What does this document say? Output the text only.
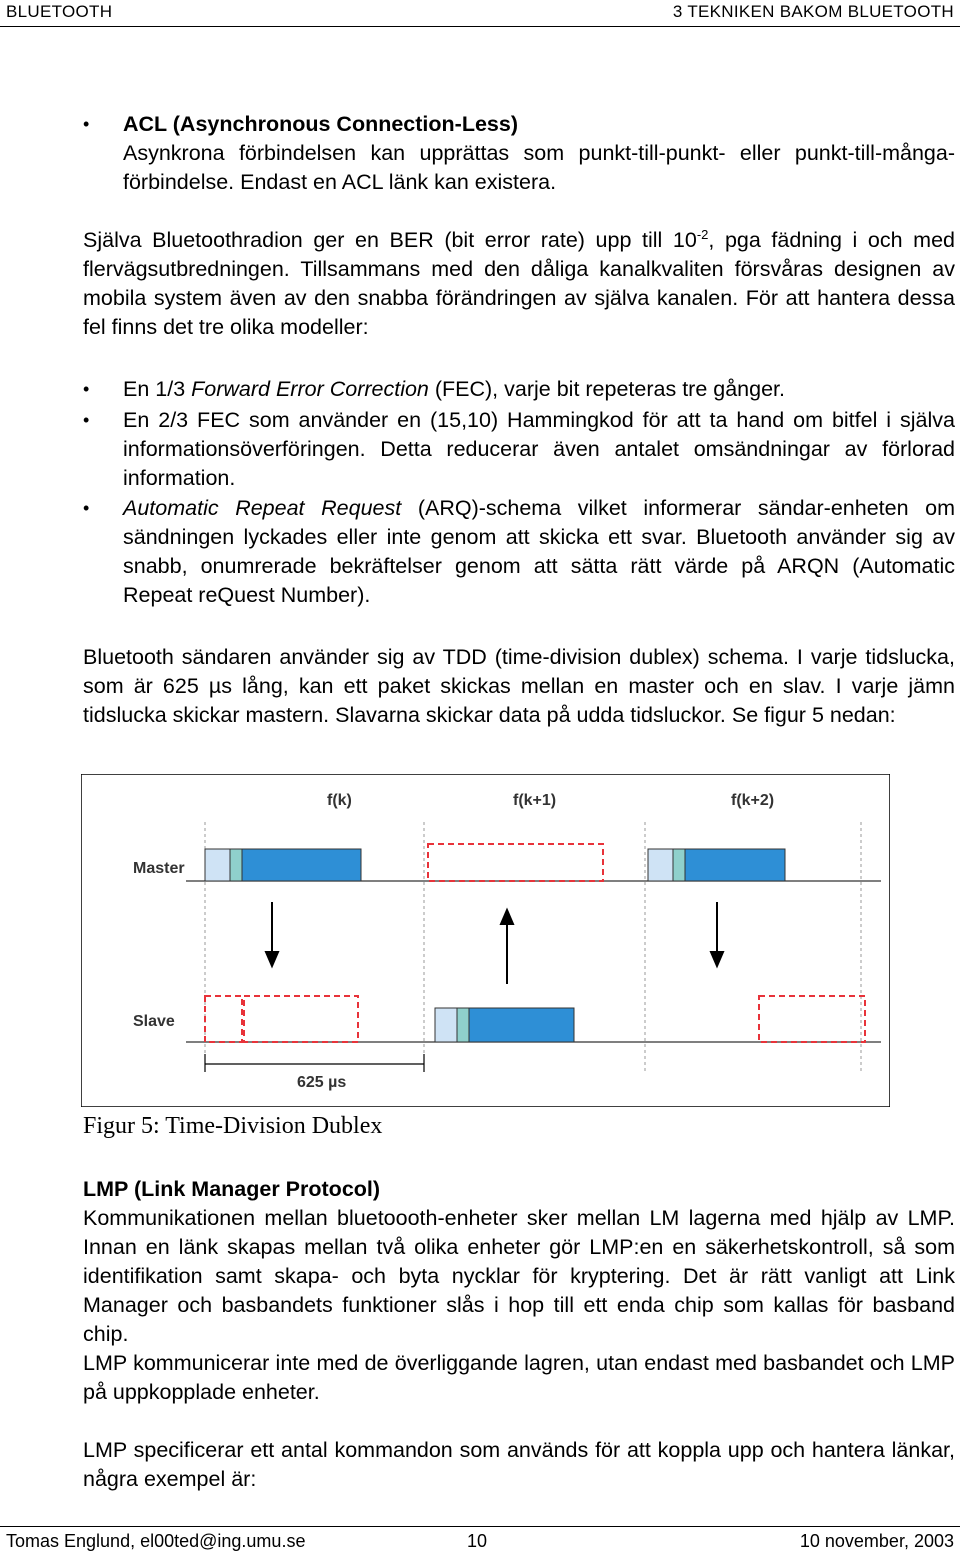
BLUETOOTH	3 TEKNIKEN BAKOM BLUETOOTH
• ACL (Asynchronous Connection-Less)
Asynkrona förbindelsen kan upprättas som punkt-till-punkt- eller punkt-till-många-förbindelse. Endast en ACL länk kan existera.
Själva Bluetoothradion ger en BER (bit error rate) upp till $10^{-2}$, pga fädning i och med flervägsutbredningen. Tillsammans med den dåliga kanalkvaliten försvåras designen av mobila system även av den snabba förändringen av själva kanalen. För att hantera dessa fel finns det tre olika modeller:
• En 1/3 Forward Error Correction (FEC), varje bit repeteras tre gånger.
• En 2/3 FEC som använder en (15,10) Hammingkod för att ta hand om bitfel i själva informationsöverföringen. Detta reducerar även antalet omsändningar av förlorad information.
• Automatic Repeat Request (ARQ)-schema vilket informerar sändar-enheten om sändningen lyckades eller inte genom att skicka ett svar. Bluetooth använder sig av snabb, onumrerade bekräftelser genom att sätta rätt värde på ARQN (Automatic Repeat reQuest Number).
Bluetooth sändaren använder sig av TDD (time-division dublex) schema. I varje tidslucka, som är 625 µs lång, kan ett paket skickas mellan en master och en slav. I varje jämn tidslucka skickar mastern. Slavarna skickar data på udda tidsluckor. Se figur 5 nedan:
f(k)	f(k+1)	f(k+2)
Master
Slave
625 µs
Figur 5: Time-Division Dublex
LMP (Link Manager Protocol)
Kommunikationen mellan bluetoooth-enheter sker mellan LM lagerna med hjälp av LMP. Innan en länk skapas mellan två olika enheter gör LMP:en en säkerhetskontroll, så som identifikation samt skapa- och byta nycklar för kryptering. Det är rätt vanligt att Link Manager och basbandets funktioner slås i hop till ett enda chip som kallas för basband chip.
LMP kommunicerar inte med de överliggande lagren, utan endast med basbandet och LMP på uppkopplade enheter.
LMP specificerar ett antal kommandon som används för att koppla upp och hantera länkar, några exempel är:
Tomas Englund, el00ted@ing.umu.se	10	10 november, 2003
